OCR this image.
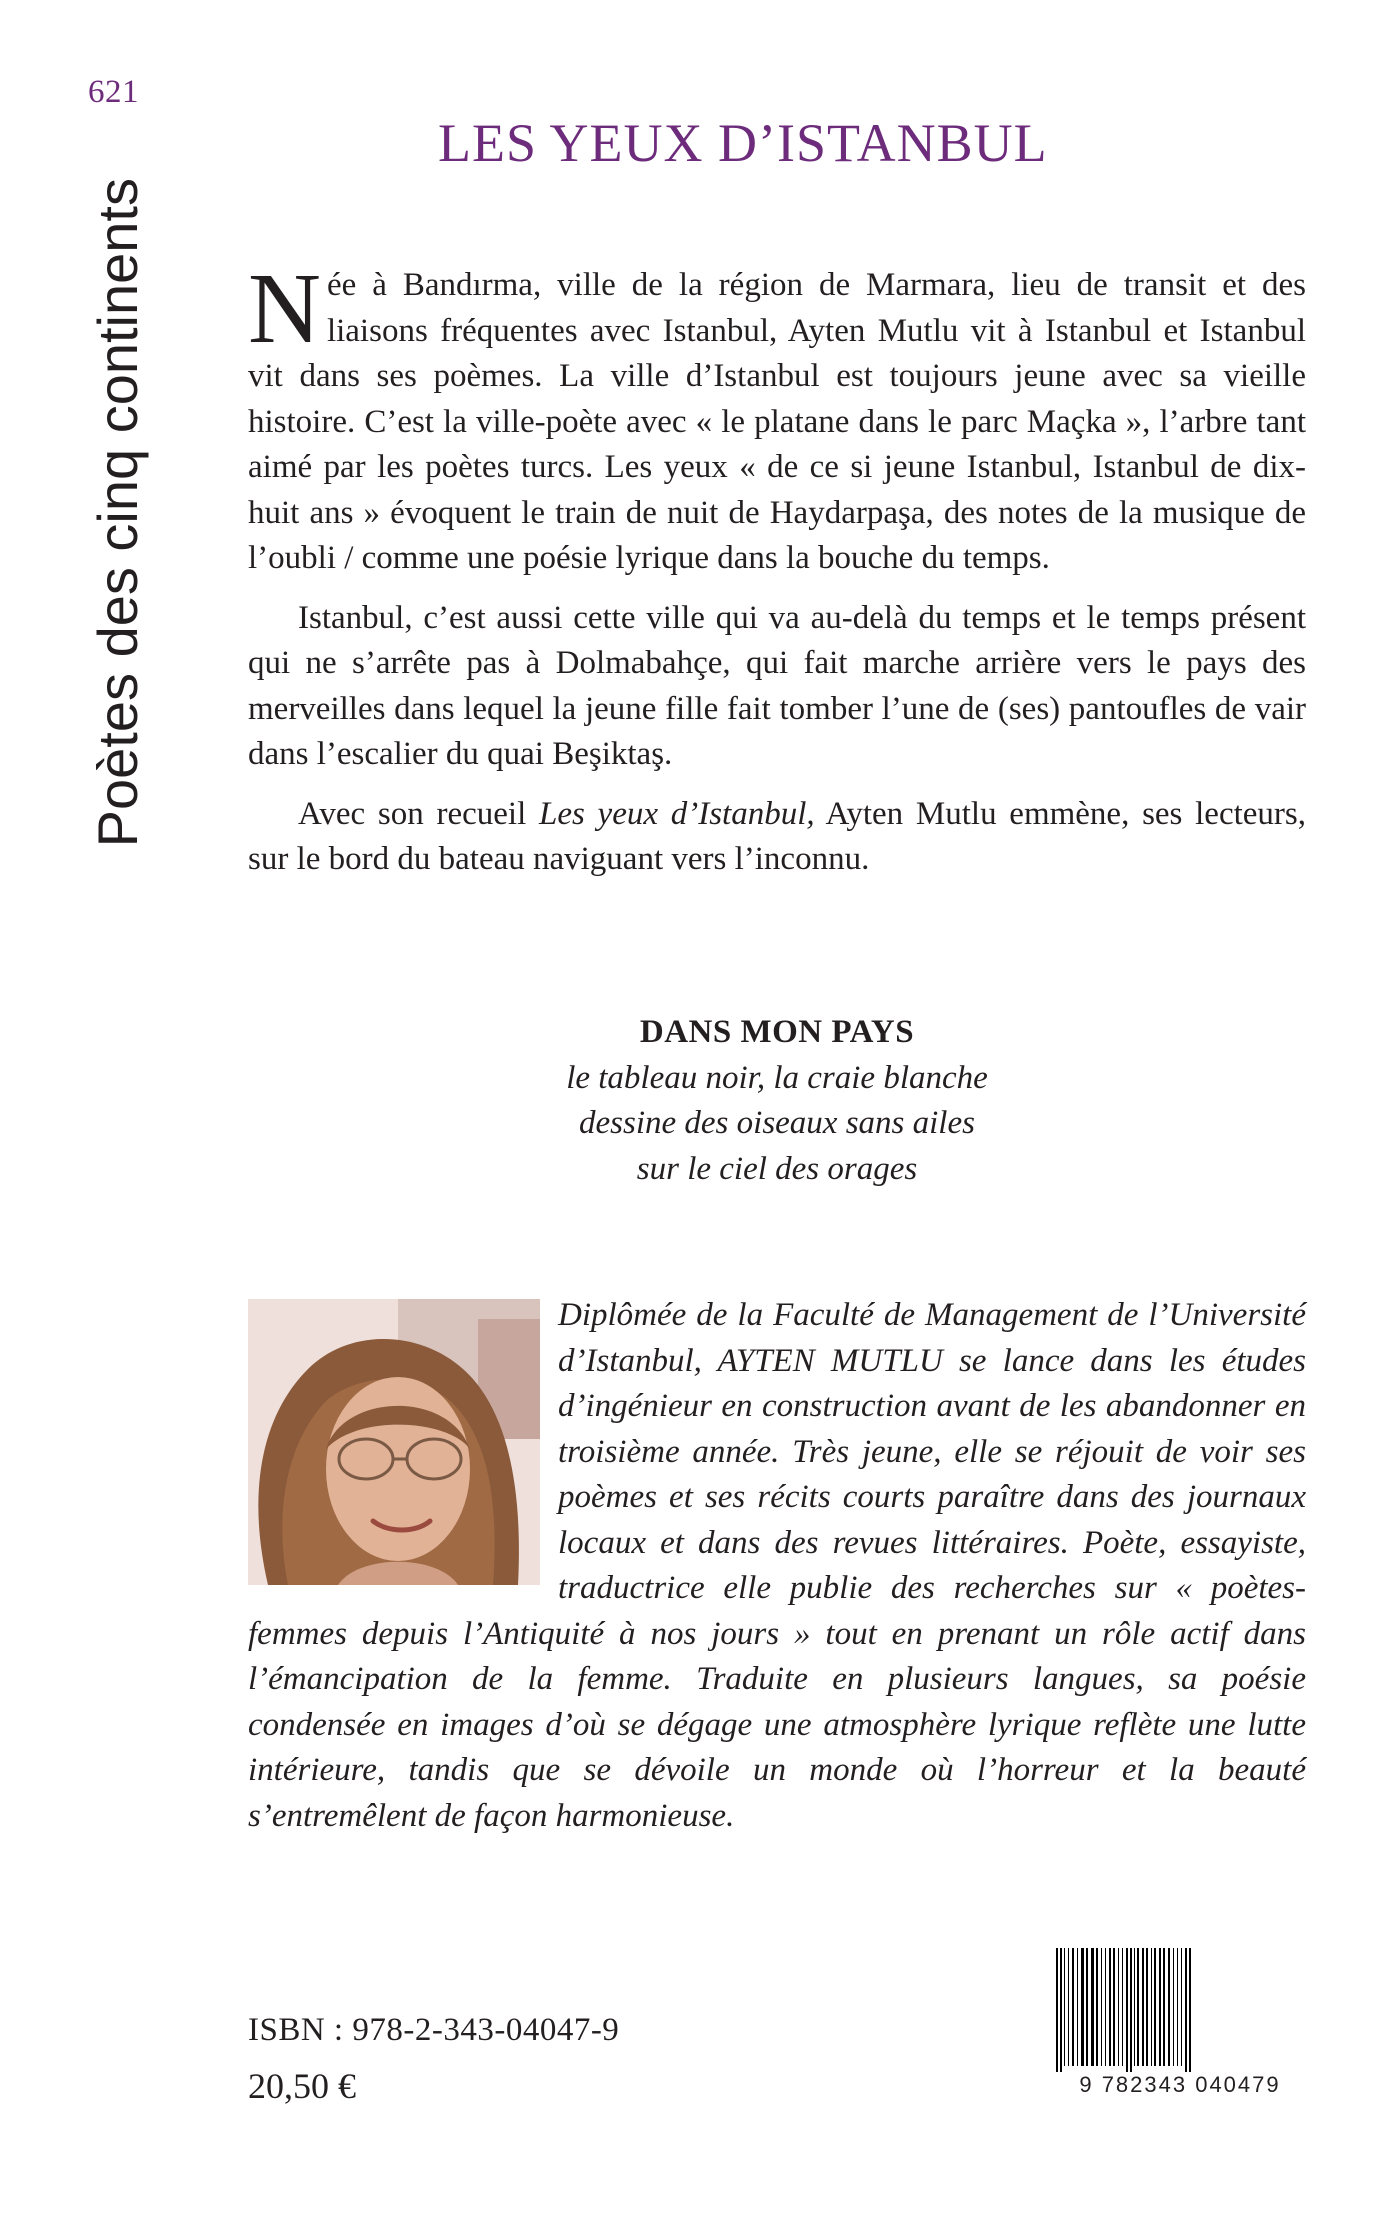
621
Poètes des cinq continents
LES YEUX D’ISTANBUL

Née à Bandırma, ville de la région de Marmara, lieu de transit et des liaisons fréquentes avec Istanbul, Ayten Mutlu vit à Istanbul et Istanbul vit dans ses poèmes. La ville d’Istanbul est toujours jeune avec sa vieille histoire. C’est la ville-poète avec « le platane dans le parc Maçka », l’arbre tant aimé par les poètes turcs. Les yeux « de ce si jeune Istanbul, Istanbul de dix-huit ans » évoquent le train de nuit de Haydarpaşa, des notes de la musique de l’oubli / comme une poésie lyrique dans la bouche du temps.

Istanbul, c’est aussi cette ville qui va au-delà du temps et le temps présent qui ne s’arrête pas à Dolmabahçe, qui fait marche arrière vers le pays des merveilles dans lequel la jeune fille fait tomber l’une de (ses) pantoufles de vair dans l’escalier du quai Beşiktaş.

Avec son recueil Les yeux d’Istanbul, Ayten Mutlu emmène, ses lecteurs, sur le bord du bateau naviguant vers l’inconnu.

DANS MON PAYS
le tableau noir, la craie blanche
dessine des oiseaux sans ailes
sur le ciel des orages
Diplômée de la Faculté de Management de l’Université d’Istanbul, AYTEN MUTLU se lance dans les études d’ingénieur en construction avant de les abandonner en troisième année. Très jeune, elle se réjouit de voir ses poèmes et ses récits courts paraître dans des journaux locaux et dans des revues littéraires. Poète, essayiste, traductrice elle publie des recherches sur « poètes-femmes depuis l’Antiquité à nos jours » tout en prenant un rôle actif dans l’émancipation de la femme. Traduite en plusieurs langues, sa poésie condensée en images d’où se dégage une atmosphère lyrique reflète une lutte intérieure, tandis que se dévoile un monde où l’horreur et la beauté s’entremêlent de façon harmonieuse.
ISBN : 978-2-343-04047-9
20,50 €	9 782343 040479
